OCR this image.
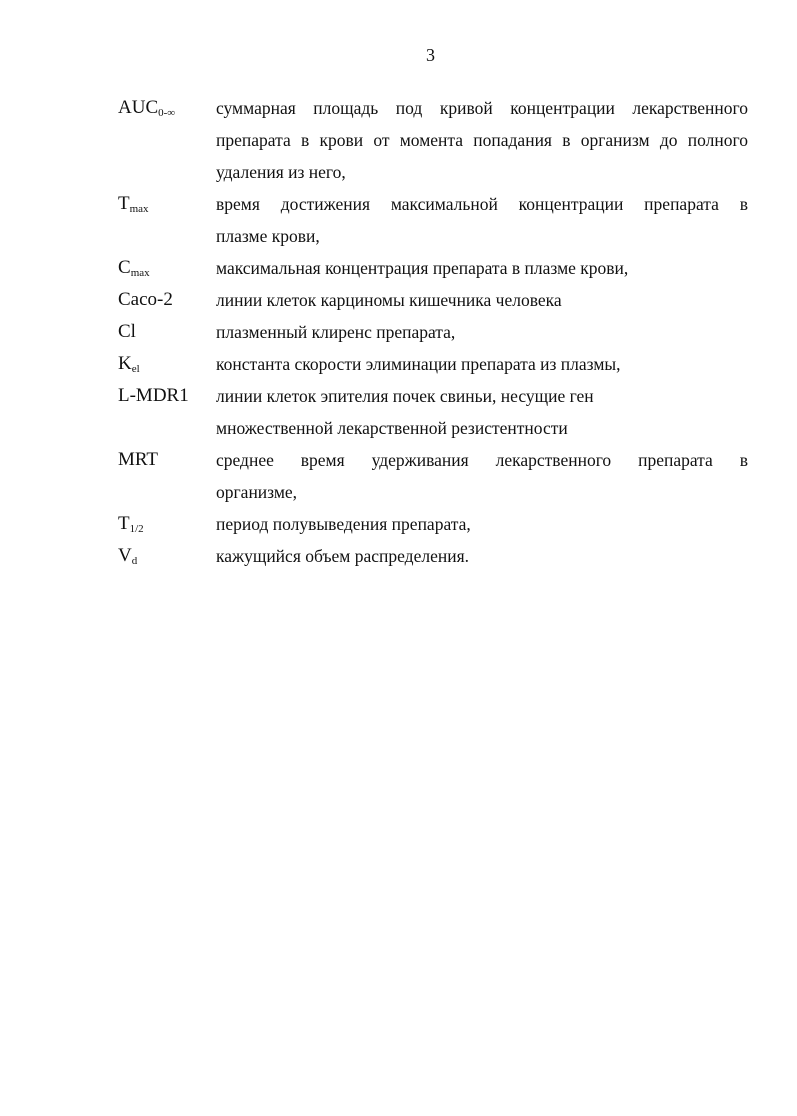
3
$AUC_{0-\infty}$	суммарная площадь под кривой концентрации лекарственного
препарата в крови от момента попадания в организм до полного
удаления из него,
$T_{max}$	время достижения максимальной концентрации препарата в
плазме крови,
$C_{max}$	максимальная концентрация препарата в плазме крови,
Caco-2	линии клеток карциномы кишечника человека
Cl	плазменный клиренс препарата,
$K_{el}$	константа скорости элиминации препарата из плазмы,
L-MDR1	линии клеток эпителия почек свиньи, несущие ген
множественной лекарственной резистентности
MRT	среднее время удерживания лекарственного препарата в
организме,
$T_{1/2}$	период полувыведения препарата,
$V_d$	кажущийся объем распределения.
